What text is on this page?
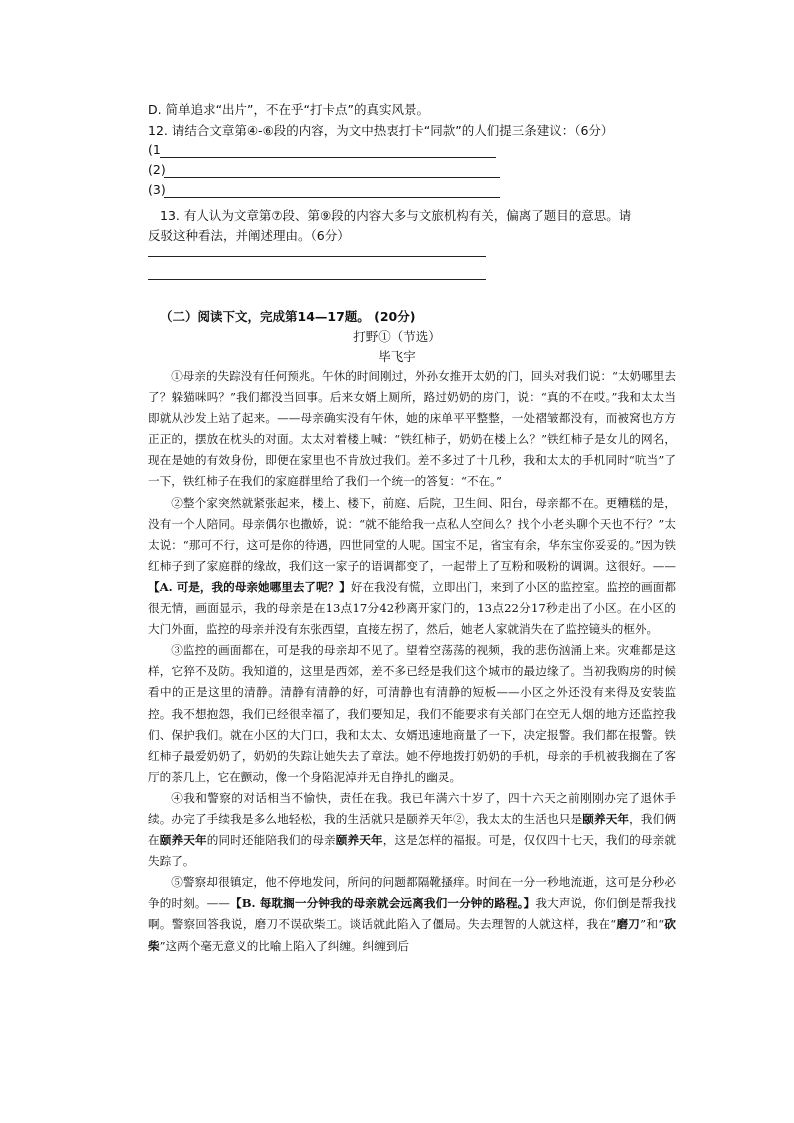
D. 简单追求“出片”，不在乎“打卡点”的真实风景。
12. 请结合文章第④-⑥段的内容，为文中热衷打卡“同款”的人们提三条建议：（6分）
(1
(2)
(3)
13. 有人认为文章第⑦段、第⑨段的内容大多与文旅机构有关，偏离了题目的意思。请
反驳这种看法，并阐述理由。（6分）
（二）阅读下文，完成第14—17题。 (20分)
打野①（节选）
毕飞宇

①母亲的失踪没有任何预兆。午休的时间刚过，外孙女推开太奶的门，回头对我们说：“太奶哪里去了？躲猫咪吗？”我们都没当回事。后来女婿上厕所，路过奶奶的房门，说：“真的不在哎。”我和太太当即就从沙发上站了起来。——母亲确实没有午休，她的床单平平整整，一处褶皱都没有，而被窝也方方正正的，摆放在枕头的对面。太太对着楼上喊：“铁红柿子，奶奶在楼上么？”铁红柿子是女儿的网名，现在是她的有效身份，即便在家里也不肯放过我们。差不多过了十几秒，我和太太的手机同时“吭当”了一下，铁红柿子在我们的家庭群里给了我们一个统一的答复：“不在。”

②整个家突然就紧张起来，楼上、楼下，前庭、后院，卫生间、阳台，母亲都不在。更糟糕的是，没有一个人陪同。母亲偶尔也撒娇，说：“就不能给我一点私人空间么？找个小老头聊个天也不行？”太太说：“那可不行，这可是你的待遇，四世同堂的人呢。国宝不足，省宝有余，华东宝你妥妥的。”因为铁红柿子到了家庭群的缘故，我们这一家子的语调都变了，一起带上了互粉和吸粉的调调。这很好。——【A. 可是，我的母亲她哪里去了呢？】好在我没有慌，立即出门，来到了小区的监控室。监控的画面都很无情，画面显示，我的母亲是在13点17分42秒离开家门的，13点22分17秒走出了小区。在小区的大门外面，监控的母亲并没有东张西望，直接左拐了，然后，她老人家就消失在了监控镜头的框外。

③监控的画面都在，可是我的母亲却不见了。望着空荡荡的视频，我的悲伤汹涌上来。灾难都是这样，它猝不及防。我知道的，这里是西郊，差不多已经是我们这个城市的最边缘了。当初我购房的时候看中的正是这里的清静。清静有清静的好，可清静也有清静的短板——小区之外还没有来得及安装监控。我不想抱怨，我们已经很幸福了，我们要知足，我们不能要求有关部门在空无人烟的地方还监控我们、保护我们。就在小区的大门口，我和太太、女婿迅速地商量了一下，决定报警。我们都在报警。铁红柿子最爱奶奶了，奶奶的失踪让她失去了章法。她不停地拨打奶奶的手机，母亲的手机被我搁在了客厅的茶几上，它在颤动，像一个身陷泥淖并无自挣扎的幽灵。

④我和警察的对话相当不愉快，责任在我。我已年满六十岁了，四十六天之前刚刚办完了退休手续。办完了手续我是多么地轻松，我的生活就只是颐养天年②，我太太的生活也只是颐养天年，我们俩在颐养天年的同时还能陪我们的母亲颐养天年，这是怎样的福报。可是，仅仅四十七天，我们的母亲就失踪了。

⑤警察却很镇定，他不停地发问，所问的问题都隔靴搔痒。时间在一分一秒地流逝，这可是分秒必争的时刻。——【B. 每耽搁一分钟我的母亲就会远离我们一分钟的路程。】我大声说，你们倒是帮我找啊。警察回答我说，磨刀不误砍柴工。谈话就此陷入了僵局。失去理智的人就这样，我在“磨刀”和“砍柴”这两个毫无意义的比喻上陷入了纠缠。纠缠到后
